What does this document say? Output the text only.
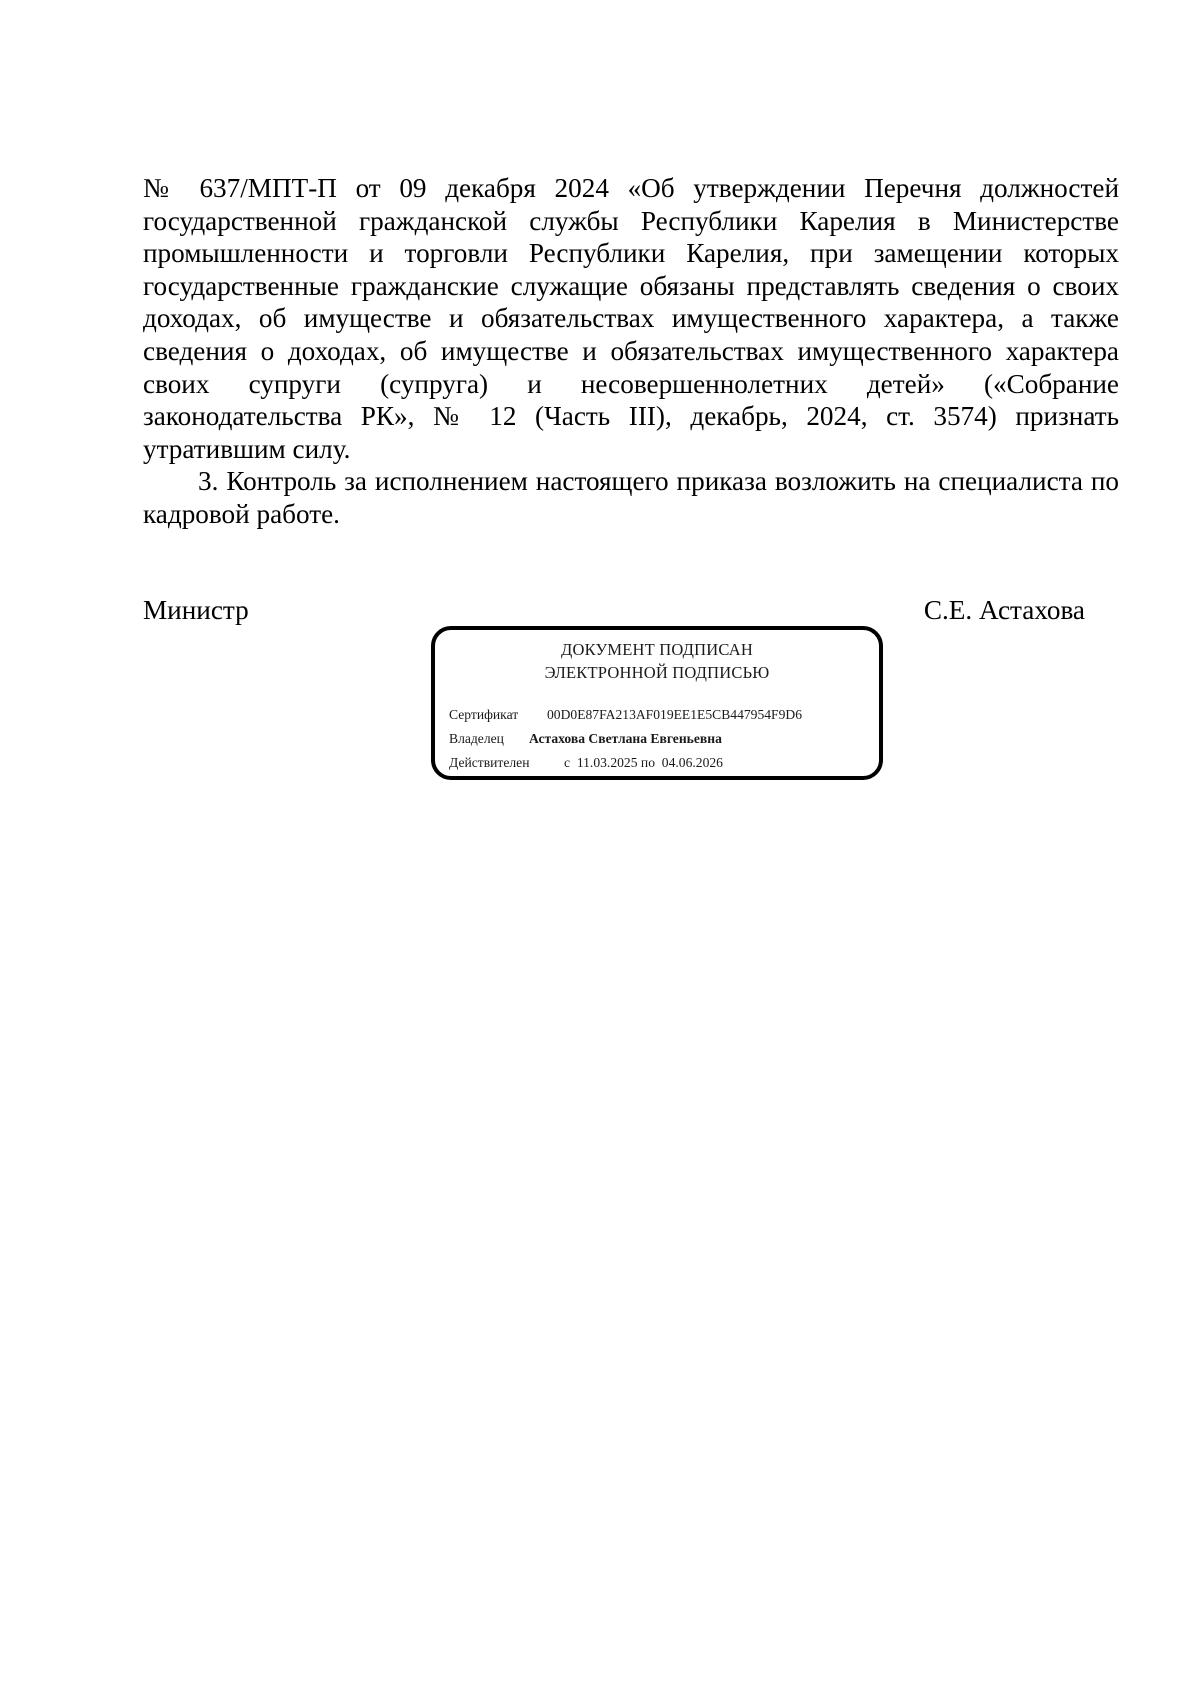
№ 637/МПТ-П от 09 декабря 2024 «Об утверждении Перечня должностей государственной гражданской службы Республики Карелия в Министерстве промышленности и торговли Республики Карелия, при замещении которых государственные гражданские служащие обязаны представлять сведения о своих доходах, об имуществе и обязательствах имущественного характера, а также сведения о доходах, об имуществе и обязательствах имущественного характера своих супруги (супруга) и несовершеннолетних детей» («Собрание законодательства РК», № 12 (Часть III), декабрь, 2024, ст. 3574) признать утратившим силу.

3. Контроль за исполнением настоящего приказа возложить на специалиста по кадровой работе.

Министр	С.Е. Астахова
ДОКУМЕНТ ПОДПИСАН
ЭЛЕКТРОННОЙ ПОДПИСЬЮ
Сертификат 00D0E87FA213AF019EE1E5CB447954F9D6
Владелец Астахова Светлана Евгеньевна
Действителен	с 11.03.2025 по 04.06.2026
